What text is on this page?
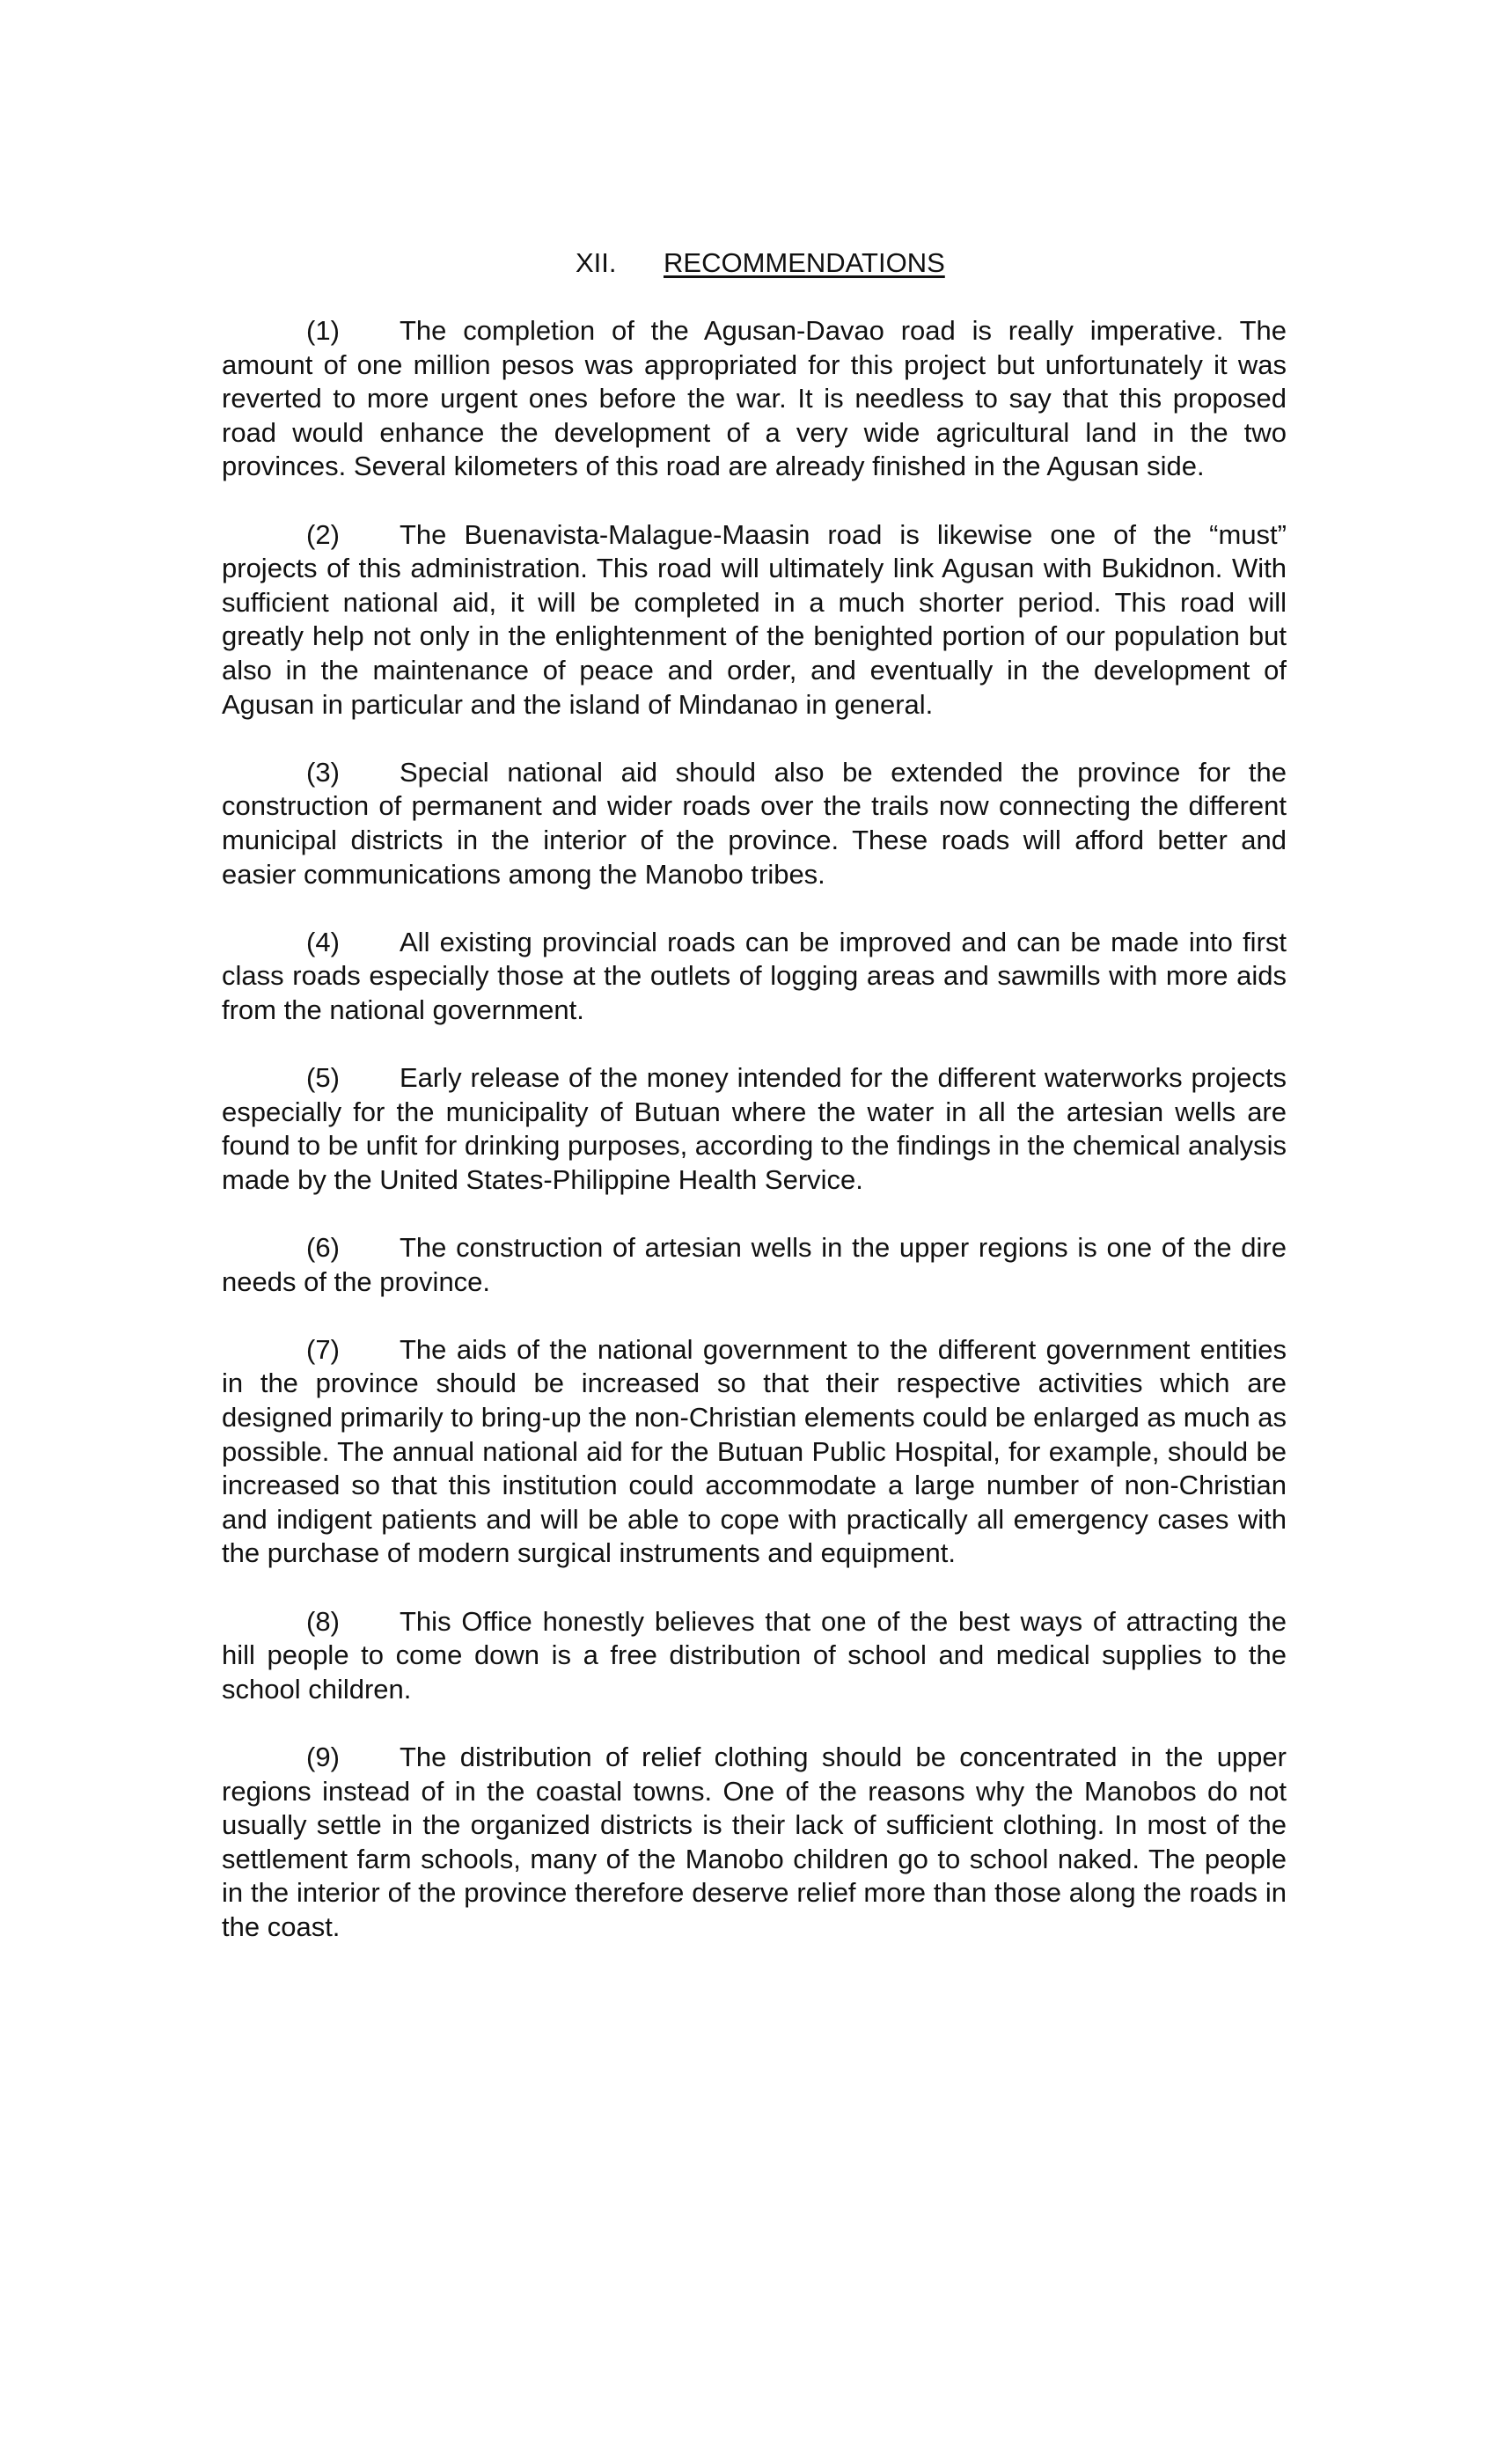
XII. RECOMMENDATIONS

(1) The completion of the Agusan-Davao road is really imperative. The amount of one million pesos was appropriated for this project but unfortunately it was reverted to more urgent ones before the war. It is needless to say that this proposed road would enhance the development of a very wide agricultural land in the two provinces. Several kilometers of this road are already finished in the Agusan side.

(2) The Buenavista-Malague-Maasin road is likewise one of the “must” projects of this administration. This road will ultimately link Agusan with Bukidnon. With sufficient national aid, it will be completed in a much shorter period. This road will greatly help not only in the enlightenment of the benighted portion of our population but also in the maintenance of peace and order, and eventually in the development of Agusan in particular and the island of Mindanao in general.

(3) Special national aid should also be extended the province for the construction of permanent and wider roads over the trails now connecting the different municipal districts in the interior of the province. These roads will afford better and easier communications among the Manobo tribes.

(4) All existing provincial roads can be improved and can be made into first class roads especially those at the outlets of logging areas and sawmills with more aids from the national government.

(5) Early release of the money intended for the different waterworks projects especially for the municipality of Butuan where the water in all the artesian wells are found to be unfit for drinking purposes, according to the findings in the chemical analysis made by the United States-Philippine Health Service.

(6) The construction of artesian wells in the upper regions is one of the dire needs of the province.

(7) The aids of the national government to the different government entities in the province should be increased so that their respective activities which are designed primarily to bring-up the non-Christian elements could be enlarged as much as possible. The annual national aid for the Butuan Public Hospital, for example, should be increased so that this institution could accommodate a large number of non-Christian and indigent patients and will be able to cope with practically all emergency cases with the purchase of modern surgical instruments and equipment.

(8) This Office honestly believes that one of the best ways of attracting the hill people to come down is a free distribution of school and medical supplies to the school children.

(9) The distribution of relief clothing should be concentrated in the upper regions instead of in the coastal towns. One of the reasons why the Manobos do not usually settle in the organized districts is their lack of sufficient clothing. In most of the settlement farm schools, many of the Manobo children go to school naked. The people in the interior of the province therefore deserve relief more than those along the roads in the coast.
